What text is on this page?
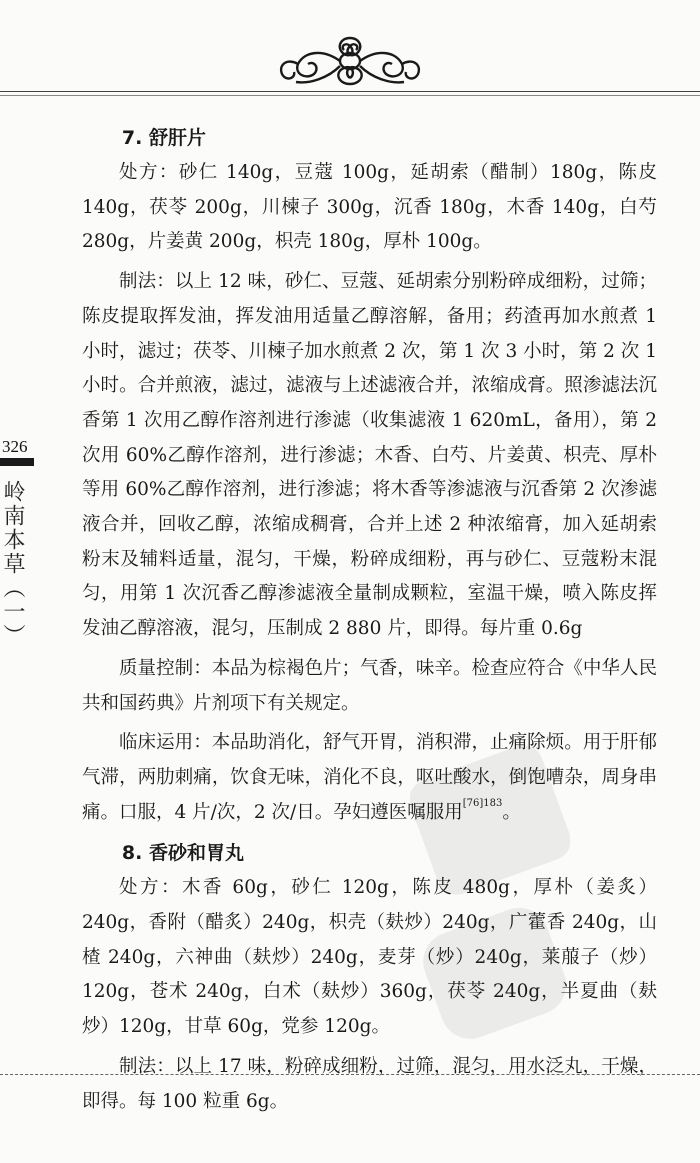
326
岭南本草（一）
7. 舒肝片

处方：砂仁 140g，豆蔻 100g，延胡索（醋制）180g，陈皮 140g，茯苓 200g，川楝子 300g，沉香 180g，木香 140g，白芍 280g，片姜黄 200g，枳壳 180g，厚朴 100g。

制法：以上 12 味，砂仁、豆蔻、延胡索分别粉碎成细粉，过筛；陈皮提取挥发油，挥发油用适量乙醇溶解，备用；药渣再加水煎煮 1 小时，滤过；茯苓、川楝子加水煎煮 2 次，第 1 次 3 小时，第 2 次 1 小时。合并煎液，滤过，滤液与上述滤液合并，浓缩成膏。照渗滤法沉香第 1 次用乙醇作溶剂进行渗滤（收集滤液 1 620mL，备用），第 2 次用 60%乙醇作溶剂，进行渗滤；木香、白芍、片姜黄、枳壳、厚朴等用 60%乙醇作溶剂，进行渗滤；将木香等渗滤液与沉香第 2 次渗滤液合并，回收乙醇，浓缩成稠膏，合并上述 2 种浓缩膏，加入延胡索粉末及辅料适量，混匀，干燥，粉碎成细粉，再与砂仁、豆蔻粉末混匀，用第 1 次沉香乙醇渗滤液全量制成颗粒，室温干燥，喷入陈皮挥发油乙醇溶液，混匀，压制成 2 880 片，即得。每片重 0.6g

质量控制：本品为棕褐色片；气香，味辛。检查应符合《中华人民共和国药典》片剂项下有关规定。

临床运用：本品助消化，舒气开胃，消积滞，止痛除烦。用于肝郁气滞，两肋刺痛，饮食无味，消化不良，呕吐酸水，倒饱嘈杂，周身串痛。口服，4 片/次，2 次/日。孕妇遵医嘱服用$^{[76]183}$。

8. 香砂和胃丸

处方：木香 60g，砂仁 120g，陈皮 480g，厚朴（姜炙）240g，香附（醋炙）240g，枳壳（麸炒）240g，广藿香 240g，山楂 240g，六神曲（麸炒）240g，麦芽（炒）240g，莱菔子（炒）120g，苍术 240g，白术（麸炒）360g，茯苓 240g，半夏曲（麸炒）120g，甘草 60g，党参 120g。

制法：以上 17 味，粉碎成细粉，过筛，混匀，用水泛丸，干燥，即得。每 100 粒重 6g。
